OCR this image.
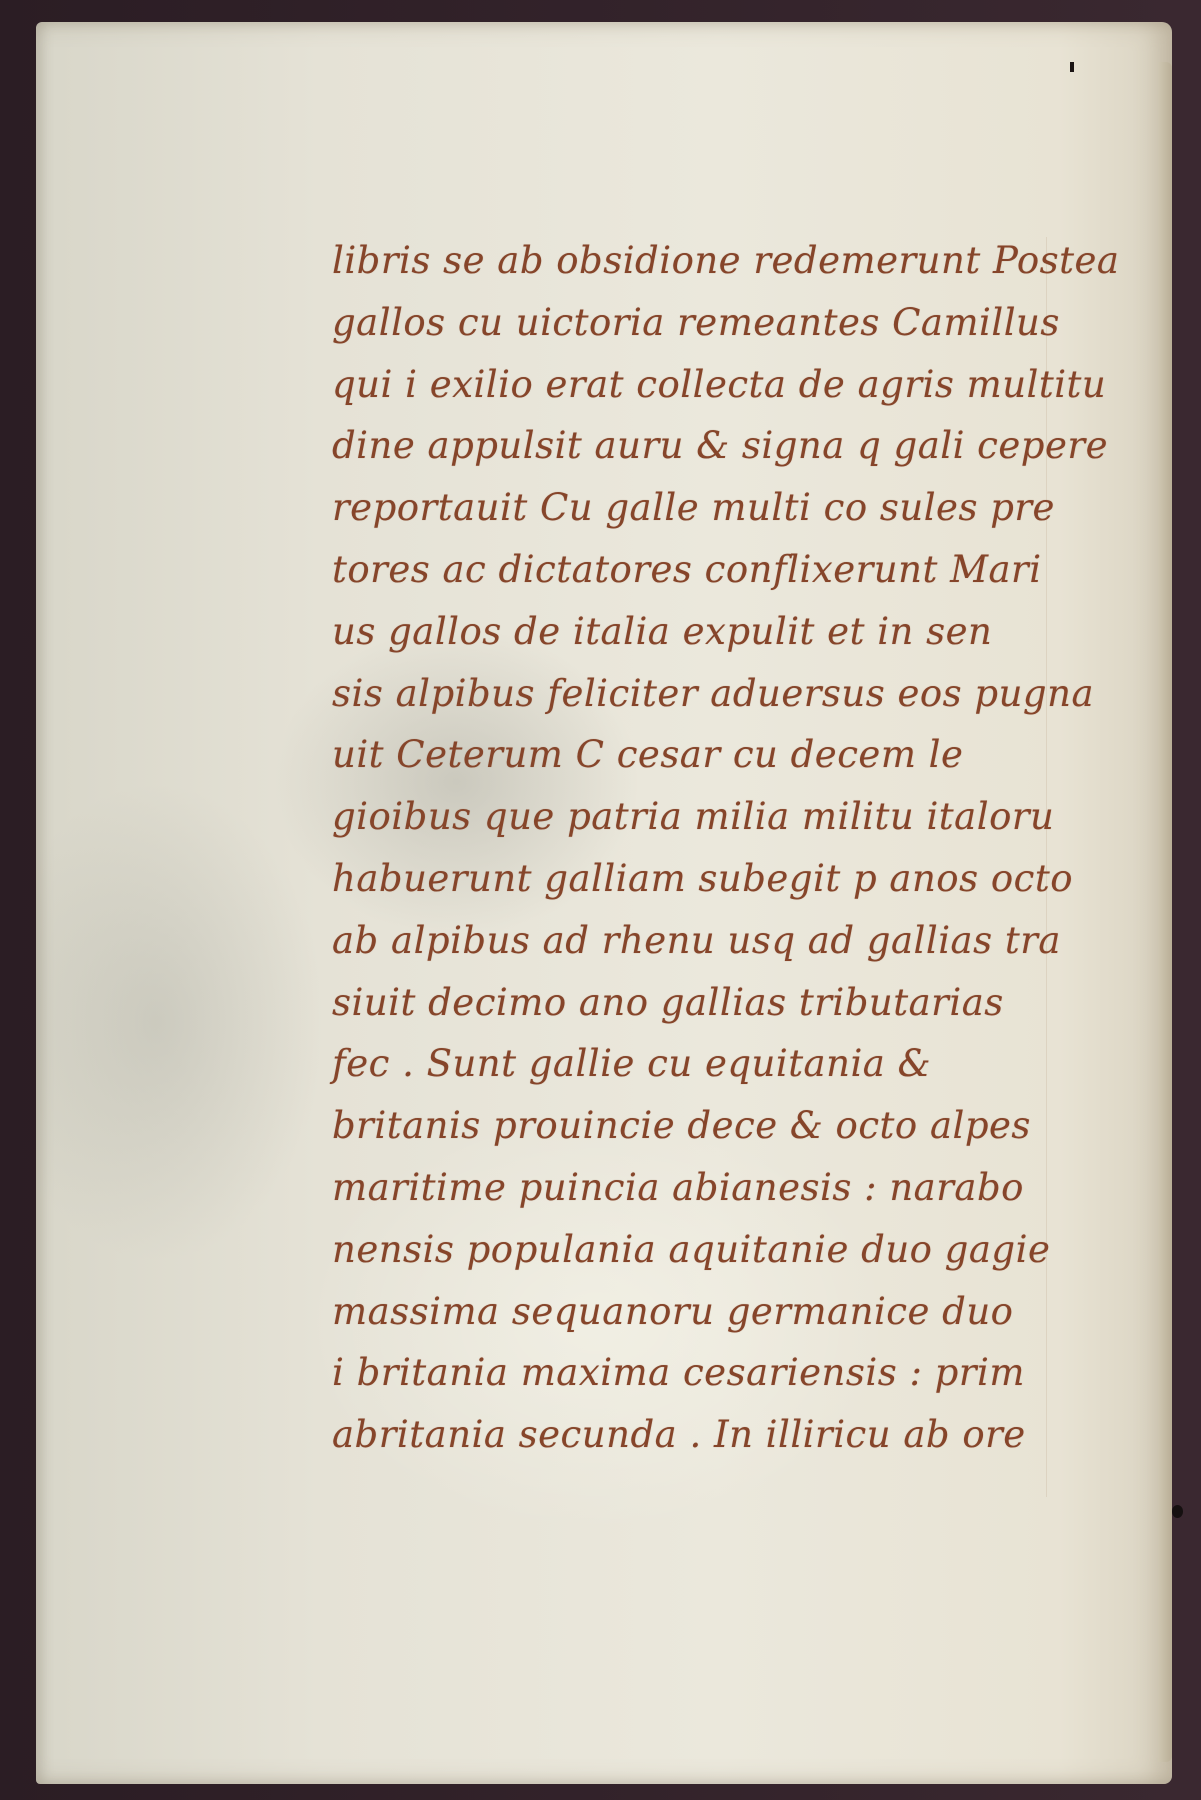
libris se ab obsidione redemerunt Postea
gallos cu uictoria remeantes Camillus
qui i exilio erat collecta de agris multitu
dine appulsit auru & signa q gali cepere
reportauit Cu galle multi co sules pre
tores ac dictatores conflixerunt Mari
us gallos de italia expulit et in sen
sis alpibus feliciter aduersus eos pugna
uit Ceterum C cesar cu decem le
gioibus que patria milia militu italoru
habuerunt galliam subegit p anos octo
ab alpibus ad rhenu usq ad gallias tra
siuit decimo ano gallias tributarias
fec . Sunt gallie cu equitania &
britanis prouincie dece & octo alpes
maritime puincia abianesis : narabo
nensis populania aquitanie duo gagie
massima sequanoru germanice duo
i britania maxima cesariensis : prim
abritania secunda . In illiricu ab ore
